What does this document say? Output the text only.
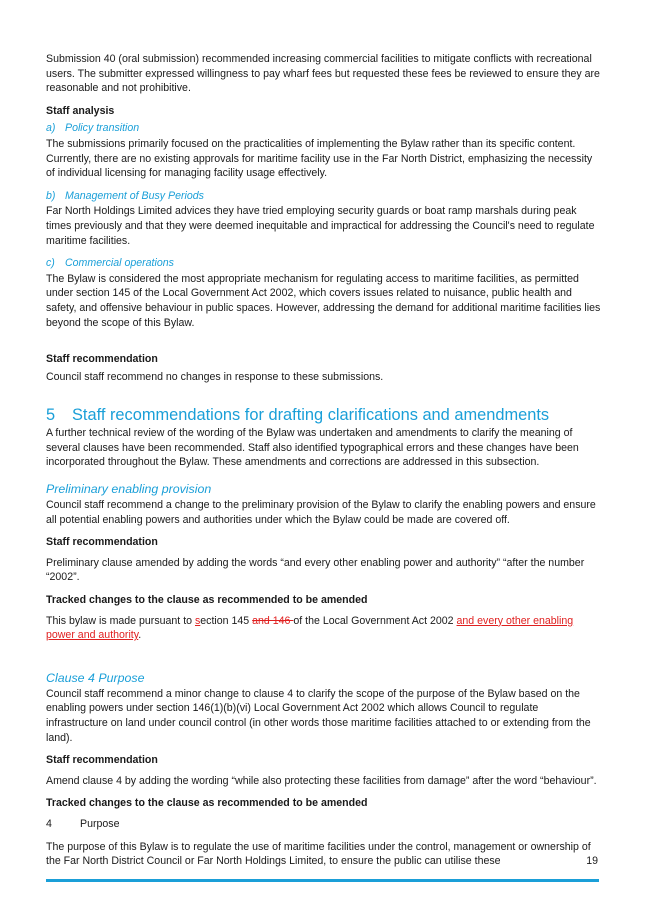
Submission 40 (oral submission) recommended increasing commercial facilities to mitigate conflicts with recreational users. The submitter expressed willingness to pay wharf fees but requested these fees be reviewed to ensure they are reasonable and not prohibitive.

Staff analysis

a) Policy transition

The submissions primarily focused on the practicalities of implementing the Bylaw rather than its specific content. Currently, there are no existing approvals for maritime facility use in the Far North District, emphasizing the necessity of individual licensing for managing facility usage effectively.

b) Management of Busy Periods

Far North Holdings Limited advices they have tried employing security guards or boat ramp marshals during peak times previously and that they were deemed inequitable and impractical for addressing the Council's need to regulate maritime facilities.

c) Commercial operations

The Bylaw is considered the most appropriate mechanism for regulating access to maritime facilities, as permitted under section 145 of the Local Government Act 2002, which covers issues related to nuisance, public health and safety, and offensive behaviour in public spaces. However, addressing the demand for additional maritime facilities lies beyond the scope of this Bylaw.

Staff recommendation

Council staff recommend no changes in response to these submissions.

5 Staff recommendations for drafting clarifications and amendments

A further technical review of the wording of the Bylaw was undertaken and amendments to clarify the meaning of several clauses have been recommended. Staff also identified typographical errors and these changes have been incorporated throughout the Bylaw. These amendments and corrections are addressed in this subsection.

Preliminary enabling provision

Council staff recommend a change to the preliminary provision of the Bylaw to clarify the enabling powers and ensure all potential enabling powers and authorities under which the Bylaw could be made are covered off.

Staff recommendation

Preliminary clause amended by adding the words “and every other enabling power and authority” “after the number “2002”.

Tracked changes to the clause as recommended to be amended

This bylaw is made pursuant to section 145 and 146 of the Local Government Act 2002 and every other enabling power and authority.

Clause 4 Purpose

Council staff recommend a minor change to clause 4 to clarify the scope of the purpose of the Bylaw based on the enabling powers under section 146(1)(b)(vi) Local Government Act 2002 which allows Council to regulate infrastructure on land under council control (in other words those maritime facilities attached to or extending from the land).

Staff recommendation

Amend clause 4 by adding the wording “while also protecting these facilities from damage” after the word “behaviour”.

Tracked changes to the clause as recommended to be amended

4	Purpose

The purpose of this Bylaw is to regulate the use of maritime facilities under the control, management or ownership of the Far North District Council or Far North Holdings Limited, to ensure the public can utilise these	19
